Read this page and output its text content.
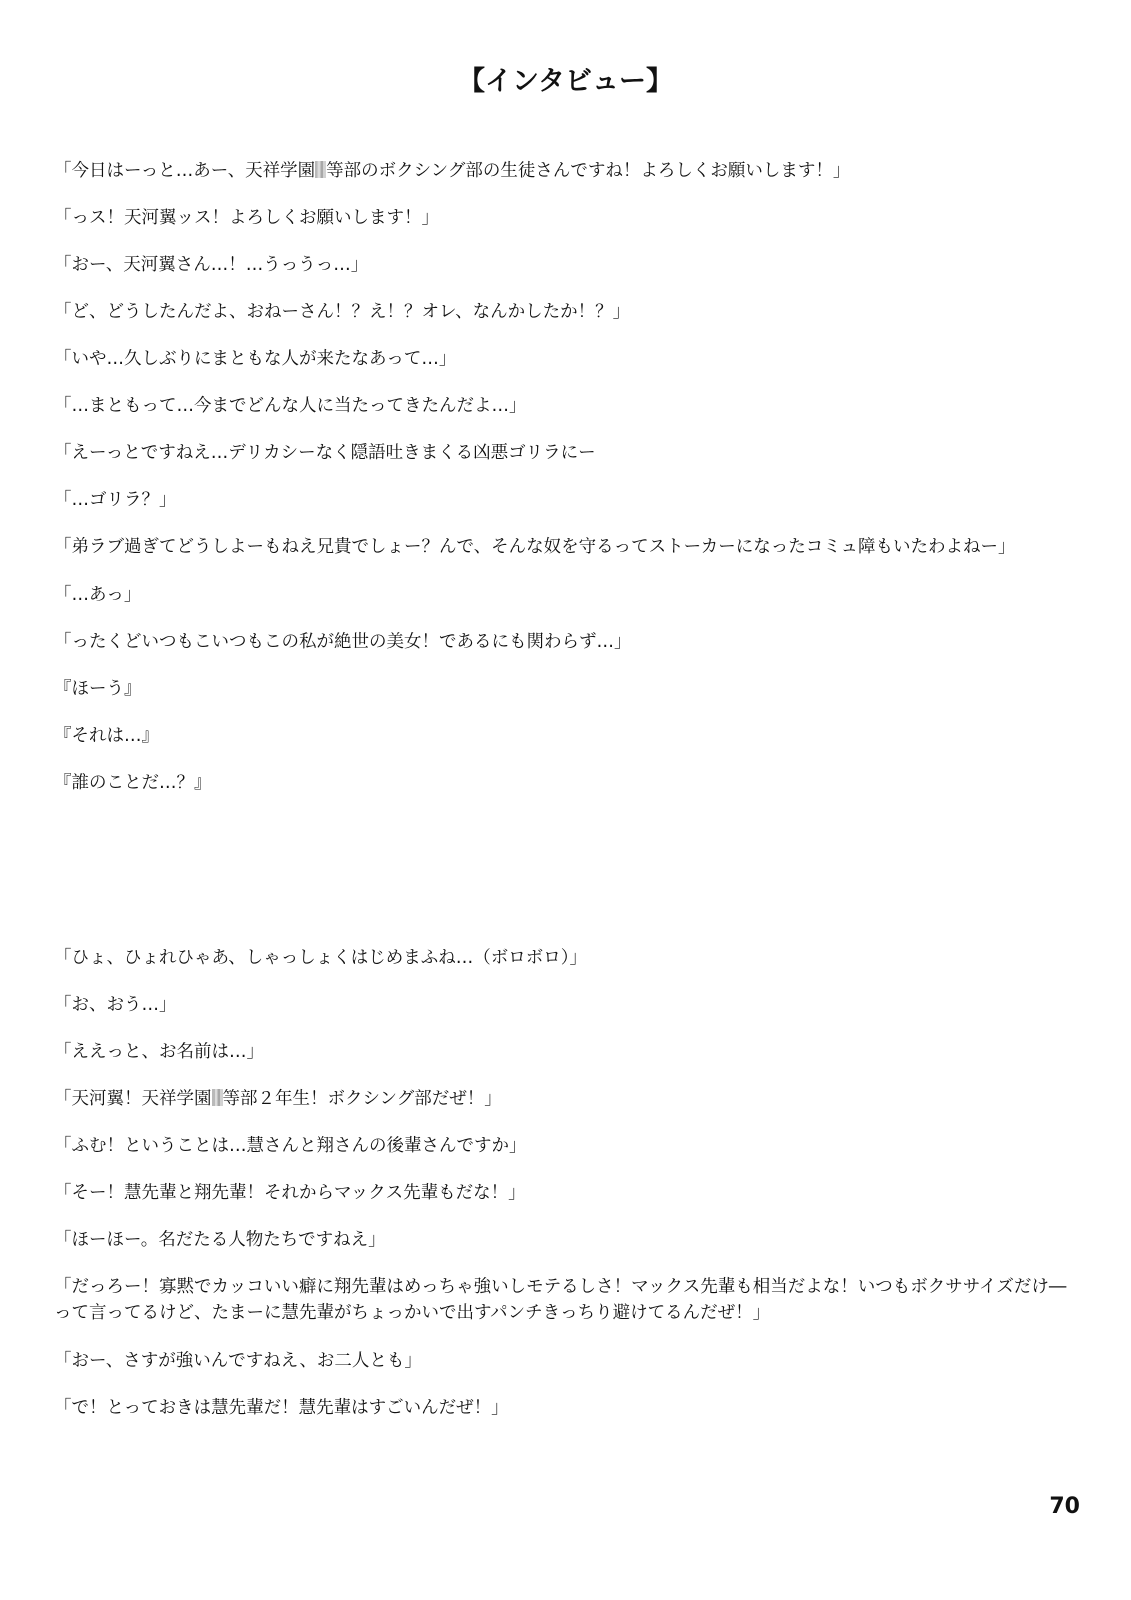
【インタビュー】

「今日はーっと…あー、天祥学園 等部のボクシング部の生徒さんですね！よろしくお願いします！」

「っス！天河翼ッス！よろしくお願いします！」

「おー、天河翼さん…！…うっうっ…」

「ど、どうしたんだよ、おねーさん！？え！？オレ、なんかしたか！？」

「いや…久しぶりにまともな人が来たなあって…」

「…まともって…今までどんな人に当たってきたんだよ…」

「えーっとですねえ…デリカシーなく隠語吐きまくる凶悪ゴリラにー

「…ゴリラ？」

「弟ラブ過ぎてどうしよーもねえ兄貴でしょー？んで、そんな奴を守るってストーカーになったコミュ障もいたわよねー」

「…あっ」

「ったくどいつもこいつもこの私が絶世の美女！であるにも関わらず…」

『ほーう』

『それは…』

『誰のことだ…？』

「ひょ、ひょれひゃあ、しゃっしょくはじめまふね…（ボロボロ）」

「お、おう…」

「ええっと、お名前は…」

「天河翼！天祥学園 等部２年生！ボクシング部だぜ！」

「ふむ！ということは…慧さんと翔さんの後輩さんですか」

「そー！慧先輩と翔先輩！それからマックス先輩もだな！」

「ほーほー。名だたる人物たちですねえ」

「だっろー！寡黙でカッコいい癖に翔先輩はめっちゃ強いしモテるしさ！マックス先輩も相当だよな！いつもボクササイズだけ―って言ってるけど、たまーに慧先輩がちょっかいで出すパンチきっちり避けてるんだぜ！」

「おー、さすが強いんですねえ、お二人とも」

「で！とっておきは慧先輩だ！慧先輩はすごいんだぜ！」

70
